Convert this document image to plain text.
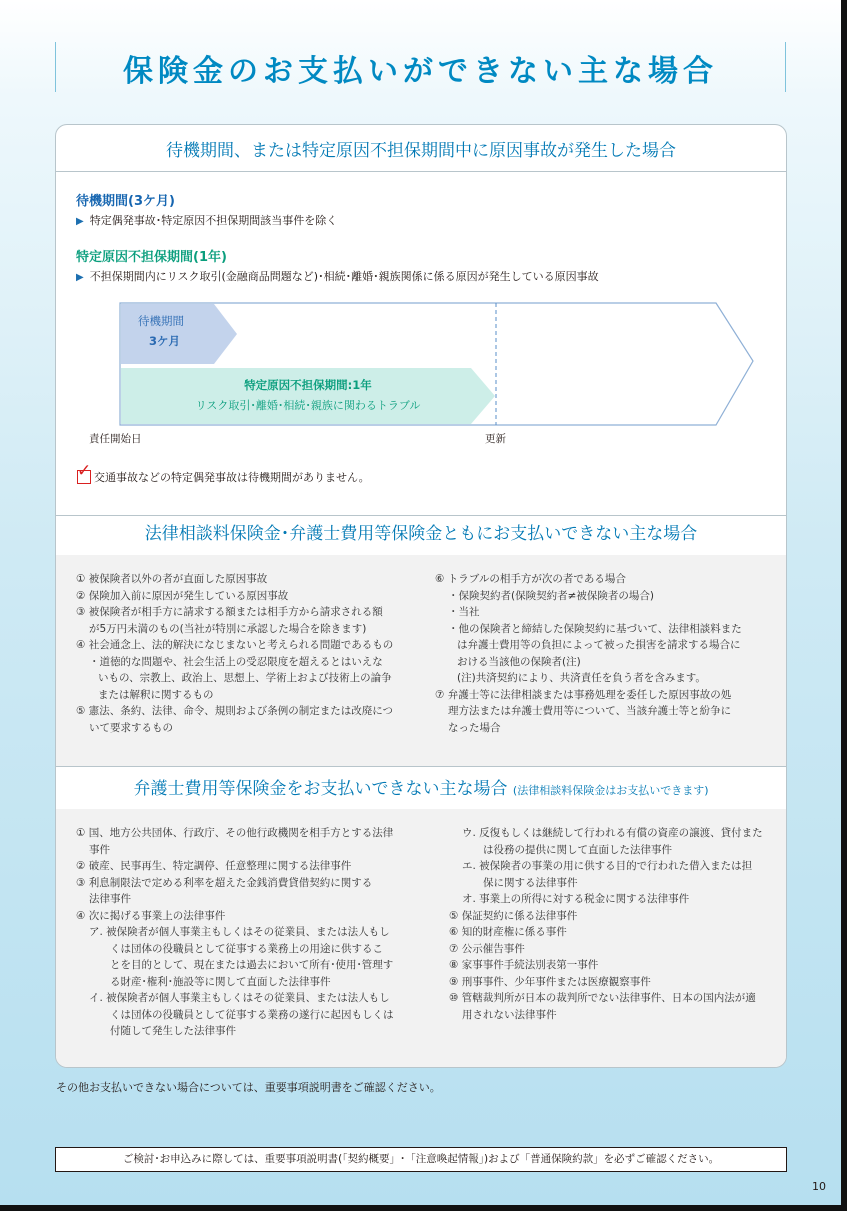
保険金のお支払いができない主な場合
待機期間、または特定原因不担保期間中に原因事故が発生した場合
待機期間(3ケ月)
▶ 特定偶発事故･特定原因不担保期間該当事件を除く
特定原因不担保期間(1年)
▶ 不担保期間内にリスク取引(金融商品問題など)･相続･離婚･親族関係に係る原因が発生している原因事故
待機期間
3ケ月
特定原因不担保期間:1年
リスク取引･離婚･相続･親族に関わるトラブル
責任開始日	更新
✓ 交通事故などの特定偶発事故は待機期間がありません。
法律相談料保険金･弁護士費用等保険金ともにお支払いできない主な場合
① 被保険者以外の者が直面した原因事故
② 保険加入前に原因が発生している原因事故
③ 被保険者が相手方に請求する額または相手方から請求される額
が5万円未満のもの(当社が特別に承認した場合を除きます)
④ 社会通念上、法的解決になじまないと考えられる問題であるもの
・道徳的な問題や、社会生活上の受忍限度を超えるとはいえな
いもの、宗教上、政治上、思想上、学術上および技術上の論争
または解釈に関するもの
⑤ 憲法、条約、法律、命令、規則および条例の制定または改廃につ
いて要求するもの
⑥ トラブルの相手方が次の者である場合
・保険契約者(保険契約者≠被保険者の場合)
・当社
・他の保険者と締結した保険契約に基づいて、法律相談料また
は弁護士費用等の負担によって被った損害を請求する場合に
おける当該他の保険者(注)
(注)共済契約により、共済責任を負う者を含みます。
⑦ 弁護士等に法律相談または事務処理を委任した原因事故の処
理方法または弁護士費用等について、当該弁護士等と紛争に
なった場合
弁護士費用等保険金をお支払いできない主な場合 (法律相談料保険金はお支払いできます)
① 国、地方公共団体、行政庁、その他行政機関を相手方とする法律
事件
② 破産、民事再生、特定調停、任意整理に関する法律事件
③ 利息制限法で定める利率を超えた金銭消費貸借契約に関する
法律事件
④ 次に掲げる事業上の法律事件
ア. 被保険者が個人事業主もしくはその従業員、または法人もし
くは団体の役職員として従事する業務上の用途に供するこ
とを目的として、現在または過去において所有･使用･管理す
る財産･権利･施設等に関して直面した法律事件
イ. 被保険者が個人事業主もしくはその従業員、または法人もし
くは団体の役職員として従事する業務の遂行に起因もしくは
付随して発生した法律事件
ウ. 反復もしくは継続して行われる有償の資産の譲渡、貸付また
は役務の提供に関して直面した法律事件
エ. 被保険者の事業の用に供する目的で行われた借入または担
保に関する法律事件
オ. 事業上の所得に対する税金に関する法律事件
⑤ 保証契約に係る法律事件
⑥ 知的財産権に係る事件
⑦ 公示催告事件
⑧ 家事事件手続法別表第一事件
⑨ 刑事事件、少年事件または医療観察事件
⑩ 管轄裁判所が日本の裁判所でない法律事件、日本の国内法が適
用されない法律事件
その他お支払いできない場合については、重要事項説明書をご確認ください。
ご検討･お申込みに際しては、重要事項説明書(「契約概要」･「注意喚起情報」)および「普通保険約款」を必ずご確認ください。
10
